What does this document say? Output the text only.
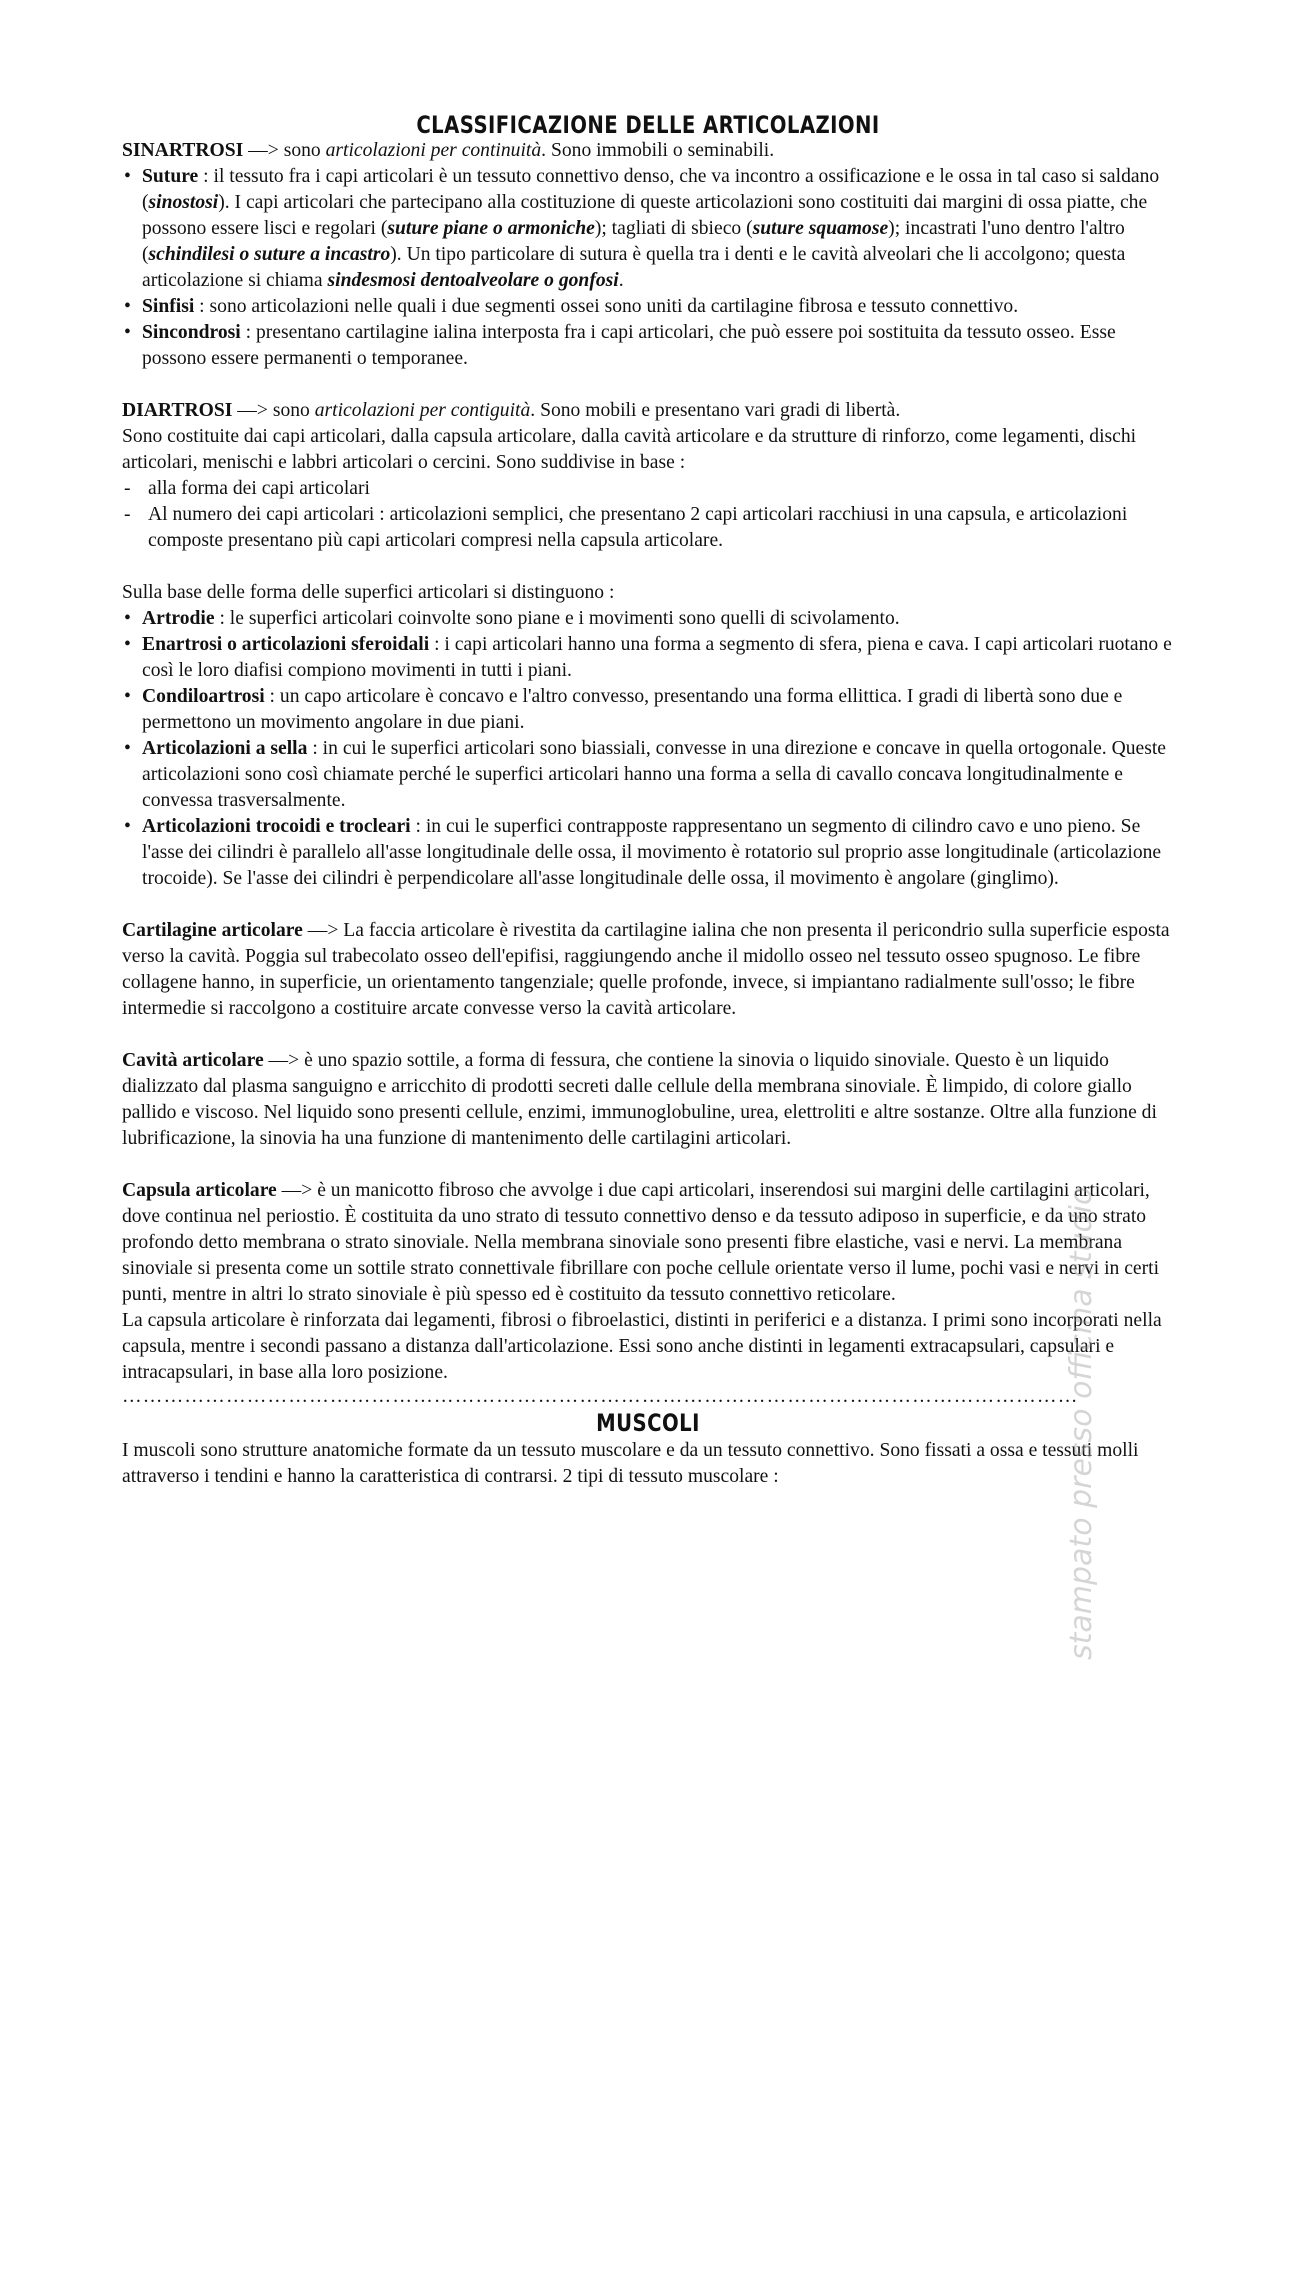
CLASSIFICAZIONE DELLE ARTICOLAZIONI

SINARTROSI —> sono articolazioni per continuità. Sono immobili o seminabili.

• Suture : il tessuto fra i capi articolari è un tessuto connettivo denso, che va incontro a ossificazione e le ossa in tal caso si saldano (sinostosi). I capi articolari che partecipano alla costituzione di queste articolazioni sono costituiti dai margini di ossa piatte, che possono essere lisci e regolari (suture piane o armoniche); tagliati di sbieco (suture squamose); incastrati l'uno dentro l'altro (schindilesi o suture a incastro). Un tipo particolare di sutura è quella tra i denti e le cavità alveolari che li accolgono; questa articolazione si chiama sindesmosi dentoalveolare o gonfosi.
• Sinfisi : sono articolazioni nelle quali i due segmenti ossei sono uniti da cartilagine fibrosa e tessuto connettivo.
• Sincondrosi : presentano cartilagine ialina interposta fra i capi articolari, che può essere poi sostituita da tessuto osseo. Esse possono essere permanenti o temporanee.

DIARTROSI —> sono articolazioni per contiguità. Sono mobili e presentano vari gradi di libertà.

Sono costituite dai capi articolari, dalla capsula articolare, dalla cavità articolare e da strutture di rinforzo, come legamenti, dischi articolari, menischi e labbri articolari o cercini. Sono suddivise in base :

- alla forma dei capi articolari
- Al numero dei capi articolari : articolazioni semplici, che presentano 2 capi articolari racchiusi in una capsula, e articolazioni composte presentano più capi articolari compresi nella capsula articolare.

Sulla base delle forma delle superfici articolari si distinguono :

• Artrodie : le superfici articolari coinvolte sono piane e i movimenti sono quelli di scivolamento.
• Enartrosi o articolazioni sferoidali : i capi articolari hanno una forma a segmento di sfera, piena e cava. I capi articolari ruotano e così le loro diafisi compiono movimenti in tutti i piani.
• Condiloartrosi : un capo articolare è concavo e l'altro convesso, presentando una forma ellittica. I gradi di libertà sono due e permettono un movimento angolare in due piani.
• Articolazioni a sella : in cui le superfici articolari sono biassiali, convesse in una direzione e concave in quella ortogonale. Queste articolazioni sono così chiamate perché le superfici articolari hanno una forma a sella di cavallo concava longitudinalmente e convessa trasversalmente.
• Articolazioni trocoidi e trocleari : in cui le superfici contrapposte rappresentano un segmento di cilindro cavo e uno pieno. Se l'asse dei cilindri è parallelo all'asse longitudinale delle ossa, il movimento è rotatorio sul proprio asse longitudinale (articolazione trocoide). Se l'asse dei cilindri è perpendicolare all'asse longitudinale delle ossa, il movimento è angolare (ginglimo).

Cartilagine articolare —> La faccia articolare è rivestita da cartilagine ialina che non presenta il pericondrio sulla superficie esposta verso la cavità. Poggia sul trabecolato osseo dell'epifisi, raggiungendo anche il midollo osseo nel tessuto osseo spugnoso. Le fibre collagene hanno, in superficie, un orientamento tangenziale; quelle profonde, invece, si impiantano radialmente sull'osso; le fibre intermedie si raccolgono a costituire arcate convesse verso la cavità articolare.

Cavità articolare —> è uno spazio sottile, a forma di fessura, che contiene la sinovia o liquido sinoviale. Questo è un liquido dializzato dal plasma sanguigno e arricchito di prodotti secreti dalle cellule della membrana sinoviale. È limpido, di colore giallo pallido e viscoso. Nel liquido sono presenti cellule, enzimi, immunoglobuline, urea, elettroliti e altre sostanze. Oltre alla funzione di lubrificazione, la sinovia ha una funzione di mantenimento delle cartilagini articolari.

Capsula articolare —> è un manicotto fibroso che avvolge i due capi articolari, inserendosi sui margini delle cartilagini articolari, dove continua nel periostio. È costituita da uno strato di tessuto connettivo denso e da tessuto adiposo in superficie, e da uno strato profondo detto membrana o strato sinoviale. Nella membrana sinoviale sono presenti fibre elastiche, vasi e nervi. La membrana sinoviale si presenta come un sottile strato connettivale fibrillare con poche cellule orientate verso il lume, pochi vasi e nervi in certi punti, mentre in altri lo strato sinoviale è più spesso ed è costituito da tessuto connettivo reticolare.

La capsula articolare è rinforzata dai legamenti, fibrosi o fibroelastici, distinti in periferici e a distanza. I primi sono incorporati nella capsula, mentre i secondi passano a distanza dall'articolazione. Essi sono anche distinti in legamenti extracapsulari, capsulari e intracapsulari, in base alla loro posizione.

…………………………………………………………………………………………………………………………
MUSCOLI

I muscoli sono strutture anatomiche formate da un tessuto muscolare e da un tessuto connettivo. Sono fissati a ossa e tessuti molli attraverso i tendini e hanno la caratteristica di contrarsi. 2 tipi di tessuto muscolare :	stampato presso officina studio
